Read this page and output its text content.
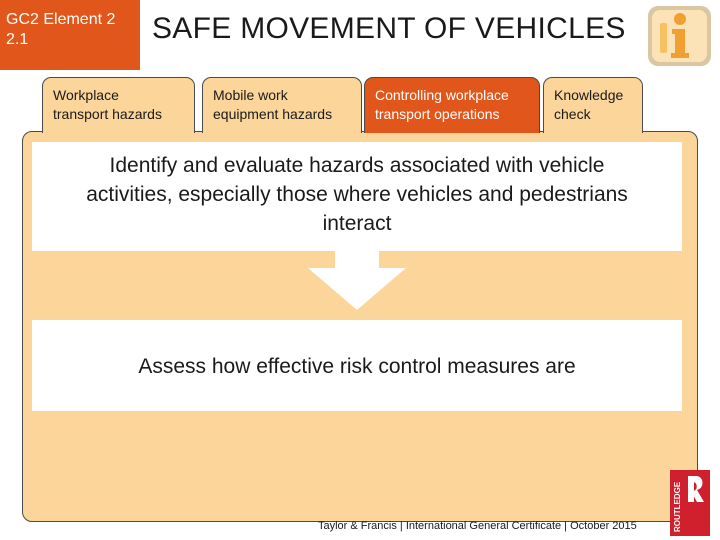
GC2 Element 2
2.1	SAFE MOVEMENT OF VEHICLES
Workplace
transport hazards
Mobile work
equipment hazards
Controlling workplace
transport operations
Knowledge
check
Identify and evaluate hazards associated with vehicle
activities, especially those where vehicles and pedestrians
interact
Assess how effective risk control measures are
Taylor & Francis | International General Certificate | October 2015	ROUTLEDGE
